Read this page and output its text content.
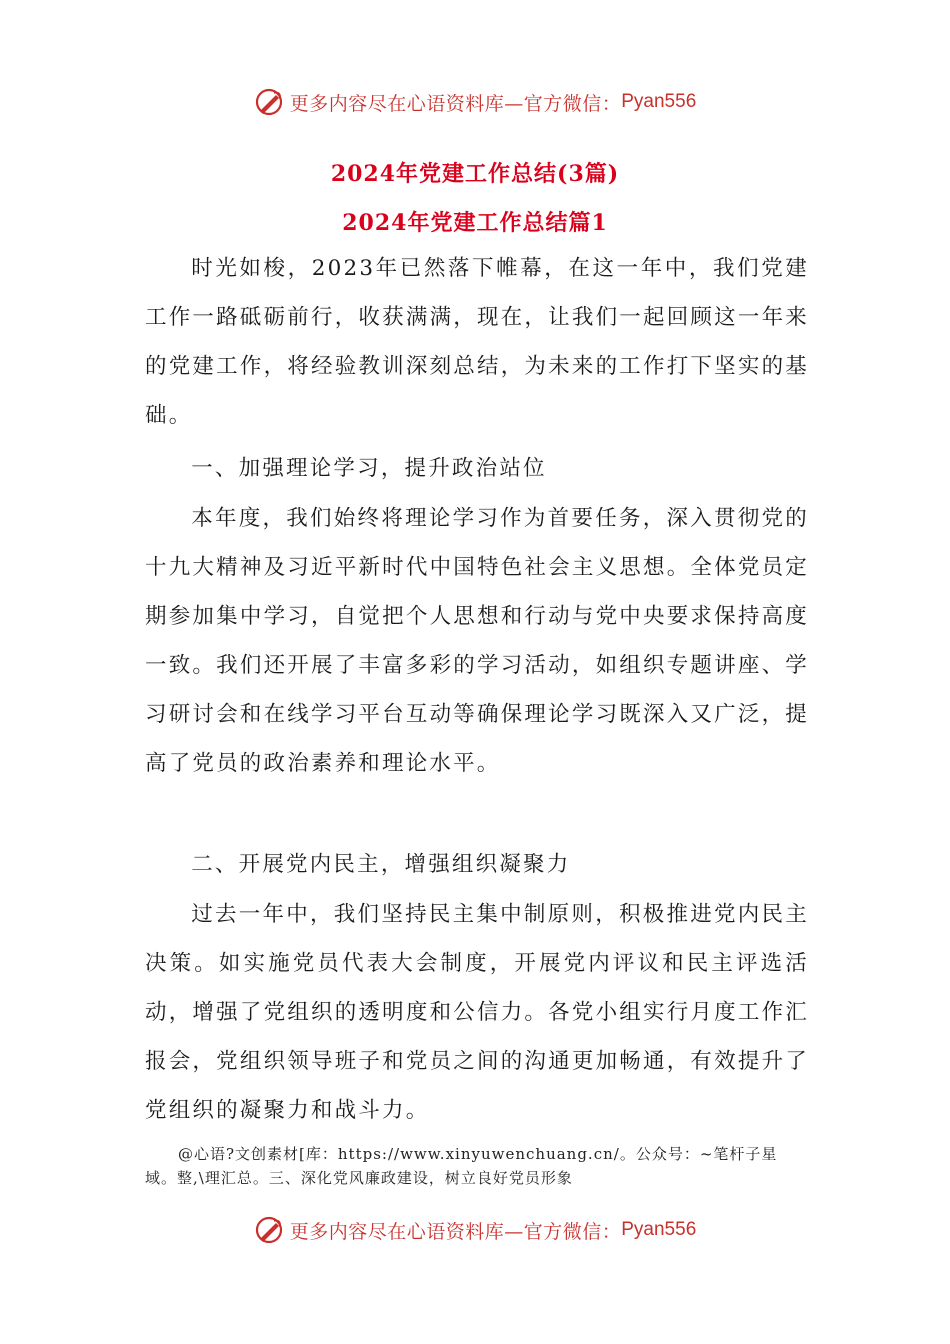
更多内容尽在心语资料库—官方微信： Pyan556
2024年党建工作总结(3篇)
2024年党建工作总结篇1

时光如梭，2023年已然落下帷幕，在这一年中，我们党建工作一路砥砺前行，收获满满，现在，让我们一起回顾这一年来的党建工作，将经验教训深刻总结，为未来的工作打下坚实的基础。

一、加强理论学习，提升政治站位

本年度，我们始终将理论学习作为首要任务，深入贯彻党的十九大精神及习近平新时代中国特色社会主义思想。全体党员定期参加集中学习，自觉把个人思想和行动与党中央要求保持高度一致。我们还开展了丰富多彩的学习活动，如组织专题讲座、学习研讨会和在线学习平台互动等确保理论学习既深入又广泛，提高了党员的政治素养和理论水平。

二、开展党内民主，增强组织凝聚力

过去一年中，我们坚持民主集中制原则，积极推进党内民主决策。如实施党员代表大会制度，开展党内评议和民主评选活动，增强了党组织的透明度和公信力。各党小组实行月度工作汇报会，党组织领导班子和党员之间的沟通更加畅通，有效提升了党组织的凝聚力和战斗力。

@心语?文创素材[库：https://www.xinyuwenchuang.cn/。公众号：~笔杆子星域。整,\理汇总。三、深化党风廉政建设，树立良好党员形象

更多内容尽在心语资料库—官方微信： Pyan556
